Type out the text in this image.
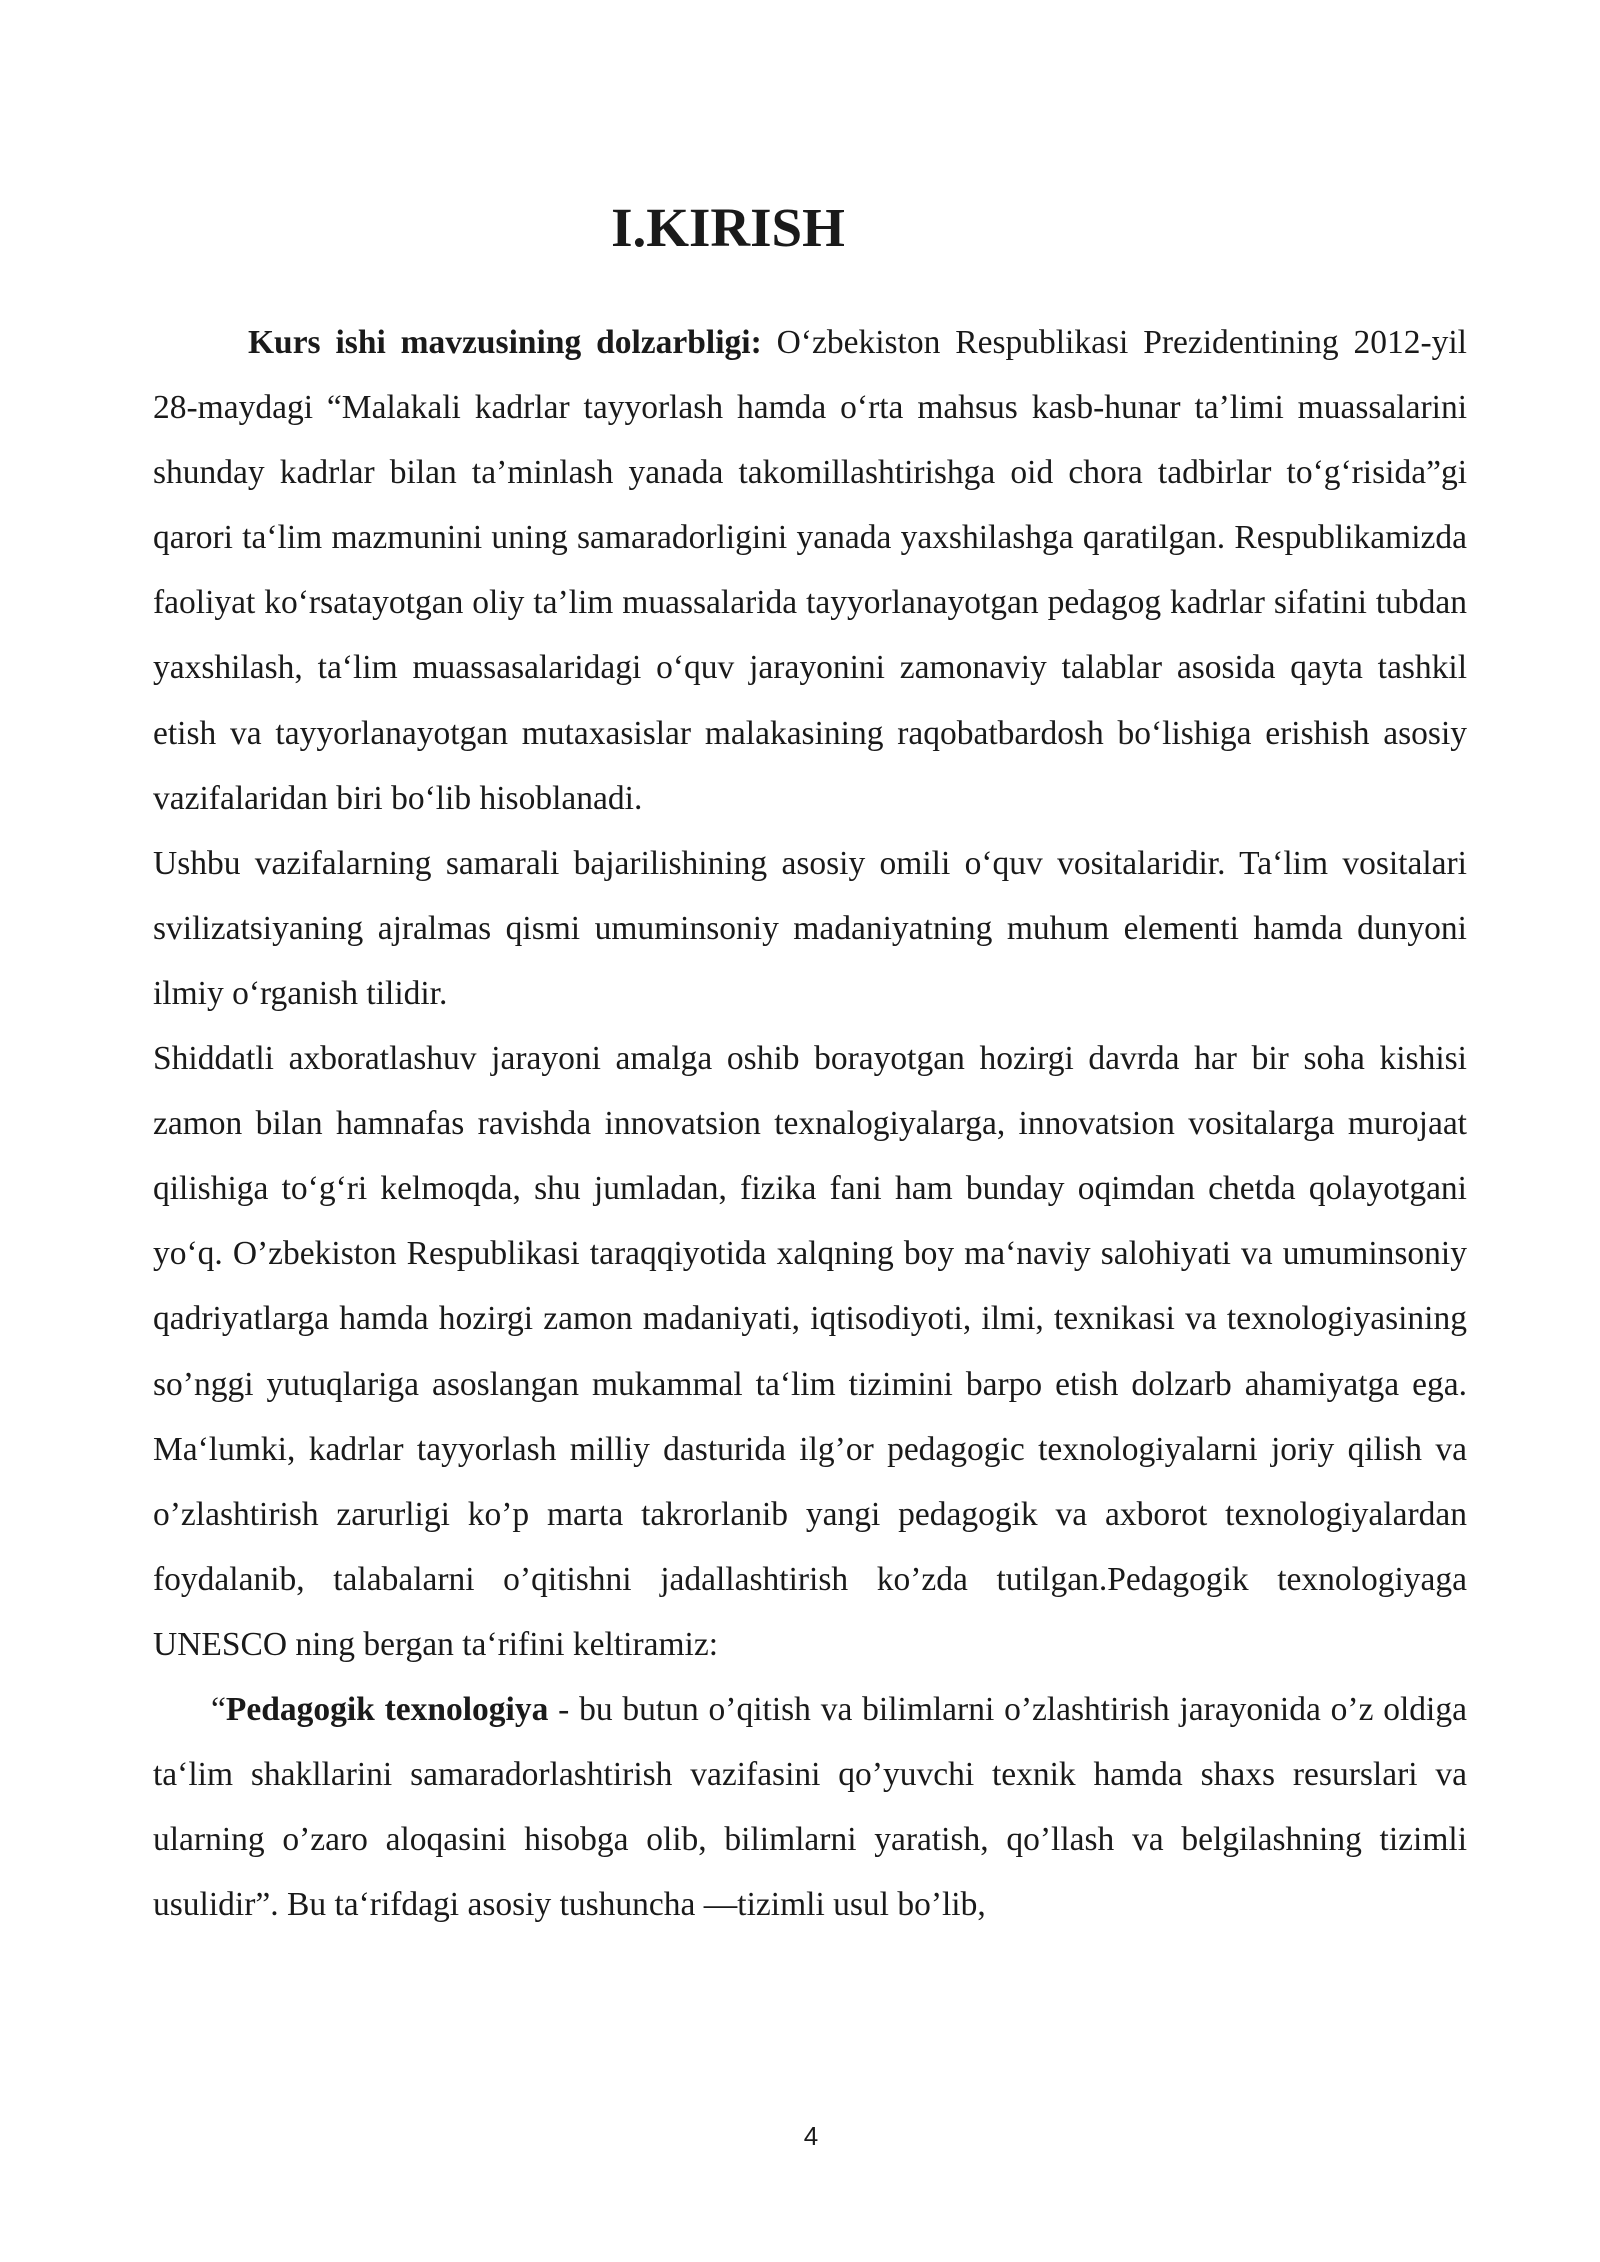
I.KIRISH

Kurs ishi mavzusining dolzarbligi: O‘zbekiston Respublikasi Prezidentining 2012-yil 28-maydagi “Malakali kadrlar tayyorlash hamda o‘rta mahsus kasb-hunar ta’limi muassalarini shunday kadrlar bilan ta’minlash yanada takomillashtirishga oid chora tadbirlar to‘g‘risida”gi qarori ta‘lim mazmunini uning samaradorligini yanada yaxshilashga qaratilgan. Respublikamizda faoliyat ko‘rsatayotgan oliy ta’lim muassalarida tayyorlanayotgan pedagog kadrlar sifatini tubdan yaxshilash, ta‘lim muassasalaridagi o‘quv jarayonini zamonaviy talablar asosida qayta tashkil etish va tayyorlanayotgan mutaxasislar malakasining raqobatbardosh bo‘lishiga erishish asosiy vazifalaridan biri bo‘lib hisoblanadi.

Ushbu vazifalarning samarali bajarilishining asosiy omili o‘quv vositalaridir. Ta‘lim vositalari svilizatsiyaning ajralmas qismi umuminsoniy madaniyatning muhum elementi hamda dunyoni ilmiy o‘rganish tilidir.

Shiddatli axboratlashuv jarayoni amalga oshib borayotgan hozirgi davrda har bir soha kishisi zamon bilan hamnafas ravishda innovatsion texnalogiyalarga, innovatsion vositalarga murojaat qilishiga to‘g‘ri kelmoqda, shu jumladan, fizika fani ham bunday oqimdan chetda qolayotgani yo‘q. O’zbekiston Respublikasi taraqqiyotida xalqning boy ma‘naviy salohiyati va umuminsoniy qadriyatlarga hamda hozirgi zamon madaniyati, iqtisodiyoti, ilmi, texnikasi va texnologiyasining so’nggi yutuqlariga asoslangan mukammal ta‘lim tizimini barpo etish dolzarb ahamiyatga ega. Ma‘lumki, kadrlar tayyorlash milliy dasturida ilg’or pedagogic texnologiyalarni joriy qilish va o’zlashtirish zarurligi ko’p marta takrorlanib yangi pedagogik va axborot texnologiyalardan foydalanib, talabalarni o’qitishni jadallashtirish ko’zda tutilgan.Pedagogik texnologiyaga UNESCO ning bergan ta‘rifini keltiramiz:

“Pedagogik texnologiya - bu butun o’qitish va bilimlarni o’zlashtirish jarayonida o’z oldiga ta‘lim shakllarini samaradorlashtirish vazifasini qo’yuvchi texnik hamda shaxs resurslari va ularning o’zaro aloqasini hisobga olib, bilimlarni yaratish, qo’llash va belgilashning tizimli usulidir”. Bu ta‘rifdagi asosiy tushuncha ―tizimli usul bo’lib,

4
